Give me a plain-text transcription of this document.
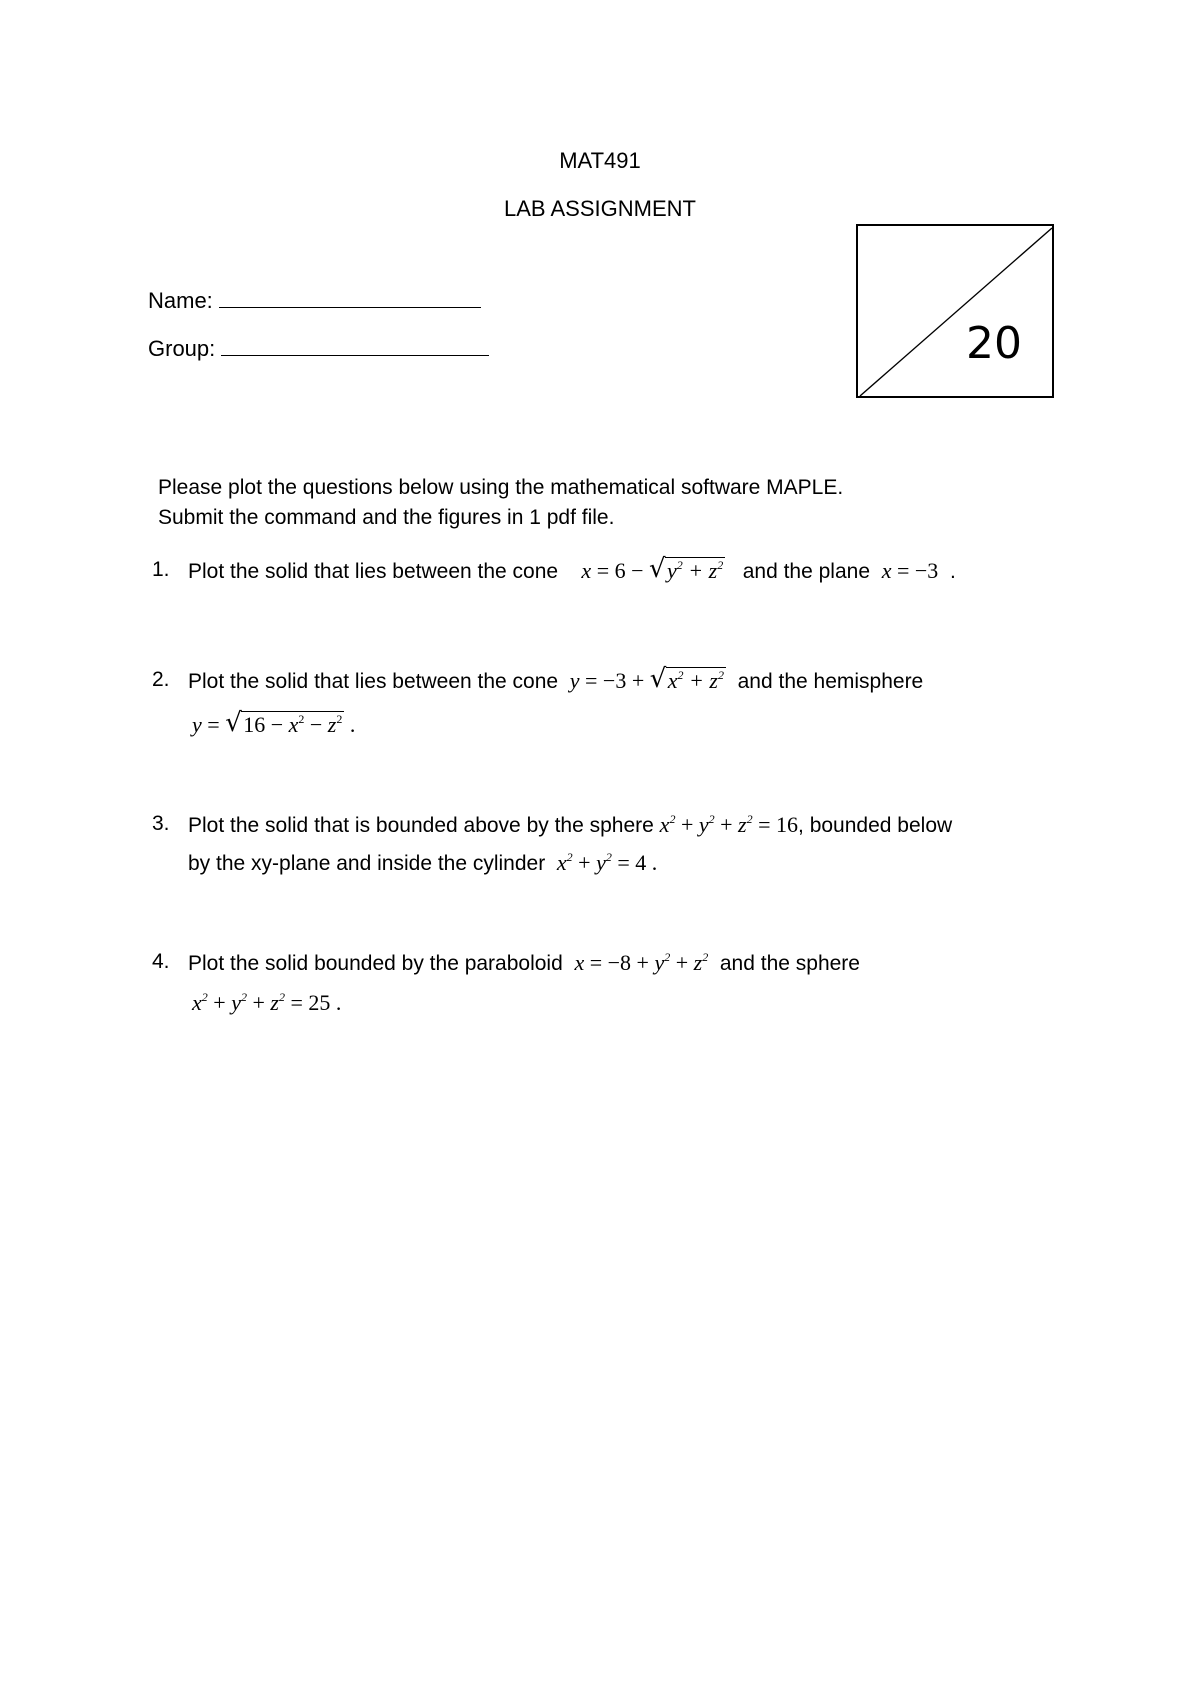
MAT491
LAB ASSIGNMENT
Name:
Group:	20
Please plot the questions below using the mathematical software MAPLE.
Submit the command and the figures in 1 pdf file.
1. Plot the solid that lies between the cone x = 6 − √ $y^2 + z^2$ and the plane x = −3  .
2. Plot the solid that lies between the cone y = −3 + √ $x^2 + z^2$ and the hemisphere
y = √ $16 - x^2 - z^2$ .
3. Plot the solid that is bounded above by the sphere $x^2 + y^2 + z^2 = 16$, bounded below
by the xy-plane and inside the cylinder $x^2 + y^2 = 4$ .
4. Plot the solid bounded by the paraboloid $x = -8 + y^2 + z^2$ and the sphere
$x^2 + y^2 + z^2 = 25$ .
